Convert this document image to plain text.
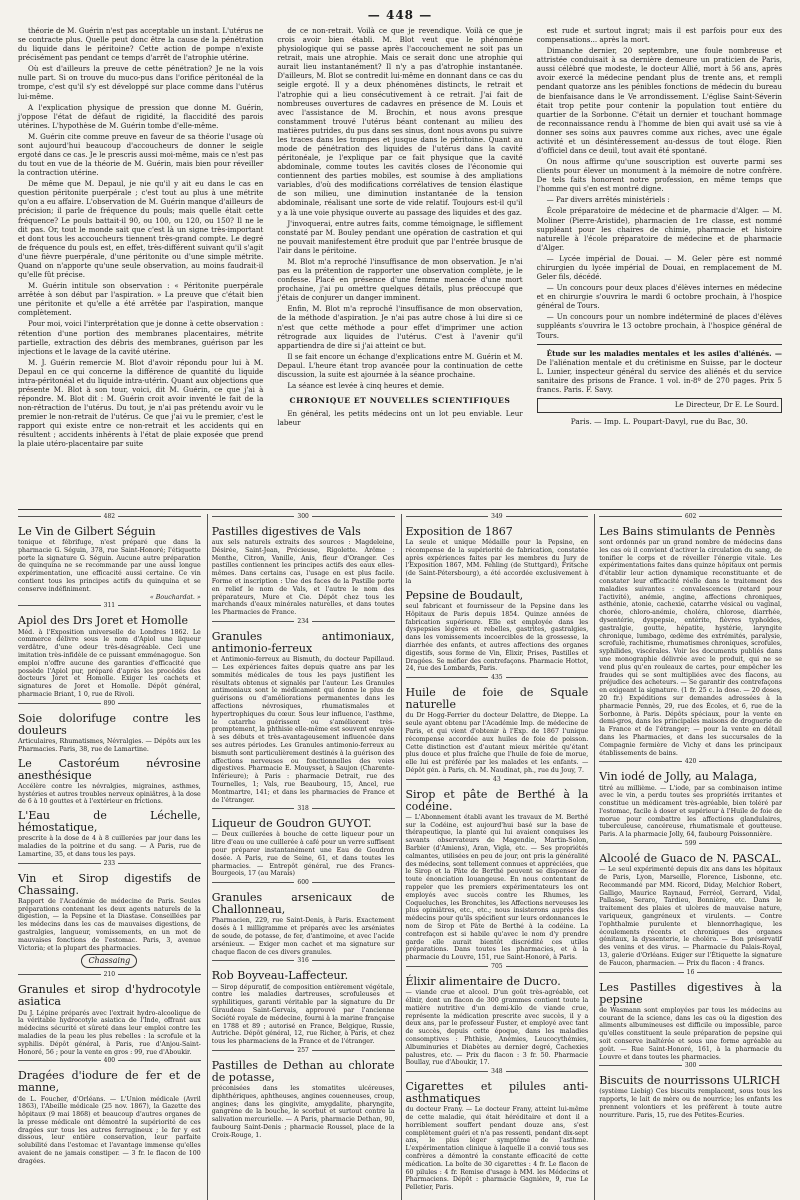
— 448 —

théorie de M. Guérin n'est pas acceptable un instant. L'utérus ne se contracte plus. Quelle peut donc être la cause de la pénétration du liquide dans le péritoine? Cette action de pompe n'existe précisément pas pendant ce temps d'arrêt de l'atrophie utérine.

Où est d'ailleurs la preuve de cette pénétration? Je ne la vois nulle part. Si on trouve du muco-pus dans l'orifice péritonéal de la trompe, c'est qu'il s'y est développé sur place comme dans l'utérus lui-même.

A l'explication physique de pression que donne M. Guérin, j'oppose l'état de défaut de rigidité, la flaccidité des parois utérines. L'hypothèse de M. Guérin tombe d'elle-même.

M. Guérin cite comme preuve en faveur de sa théorie l'usage où sont aujourd'hui beaucoup d'accoucheurs de donner le seigle ergoté dans ce cas. Je le prescris aussi moi-même, mais ce n'est pas du tout en vue de la théorie de M. Guérin, mais bien pour réveiller la contraction utérine.

De même que M. Depaul, je nie qu'il y ait eu dans le cas en question péritonite puerpérale ; c'est tout au plus à une métrite qu'on a eu affaire. L'observation de M. Guérin manque d'ailleurs de précision; il parle de fréquence du pouls; mais quelle était cette fréquence? Le pouls battait-il 90, ou 100, ou 120, ou 150? Il ne le dit pas. Or, tout le monde sait que c'est là un signe très-important et dont tous les accoucheurs tiennent très-grand compte. Le degré de fréquence du pouls est, en effet, très-différent suivant qu'il s'agit d'une fièvre puerpérale, d'une péritonite ou d'une simple métrite. Quand on n'apporte qu'une seule observation, au moins faudrait-il qu'elle fût précise.

M. Guérin intitule son observation : « Péritonite puerpérale arrêtée à son début par l'aspiration. » La preuve que c'était bien une péritonite et qu'elle a été arrêtée par l'aspiration, manque complètement.

Pour moi, voici l'interprétation que je donne à cette observation : rétention d'une portion des membranes placentaires, métrite partielle, extraction des débris des membranes, guérison par les injections et le lavage de la cavité utérine.

M. J. Guérin remercie M. Blot d'avoir répondu pour lui à M. Depaul en ce qui concerne la différence de quantité du liquide intra-péritonéal et du liquide intra-utérin. Quant aux objections que présente M. Blot à son tour, voici, dit M. Guérin, ce que j'ai à répondre. M. Blot dit : M. Guérin croit avoir inventé le fait de la non-rétraction de l'utérus. Du tout, je n'ai pas prétendu avoir vu le premier le non-retrait de l'utérus. Ce que j'ai vu le premier, c'est le rapport qui existe entre ce non-retrait et les accidents qui en résultent ; accidents inhérents à l'état de plaie exposée que prend la plaie utéro-placentaire par suite

de ce non-retrait. Voilà ce que je revendique. Voilà ce que je crois avoir bien établi. M. Blot veut que le phénomène physiologique qui se passe après l'accouchement ne soit pas un retrait, mais une atrophie. Mais ce serait donc une atrophie qui aurait lieu instantanément? Il n'y a pas d'atrophie instantanée. D'ailleurs, M. Blot se contredit lui-même en donnant dans ce cas du seigle ergoté. Il y a deux phénomènes distincts, le retrait et l'atrophie qui a lieu consécutivement à ce retrait. J'ai fait de nombreuses ouvertures de cadavres en présence de M. Louis et avec l'assistance de M. Brochin, et nous avons presque constamment trouvé l'utérus béant contenant au milieu des matières putrides, du pus dans ses sinus, dont nous avons pu suivre les traces dans les trompes et jusque dans le péritoine. Quant au mode de pénétration des liquides de l'utérus dans la cavité péritonéale, je l'explique par ce fait physique que la cavité abdominale, comme toutes les cavités closes de l'économie qui contiennent des parties mobiles, est soumise à des ampliations variables, d'où des modifications corrélatives de tension élastique de son milieu, une diminution instantanée de la tension abdominale, réalisant une sorte de vide relatif. Toujours est-il qu'il y a là une voie physique ouverte au passage des liquides et des gaz.

J'invoquerai, entre autres faits, comme témoignage, le sifflement constaté par M. Bouley pendant une opération de castration et qui ne pouvait manifestement être produit que par l'entrée brusque de l'air dans le péritoine.

M. Blot m'a reproché l'insuffisance de mon observation. Je n'ai pas eu la prétention de rapporter une observation complète, je le confesse. Placé en présence d'une femme menacée d'une mort prochaine, j'ai pu omettre quelques détails, plus préoccupé que j'étais de conjurer un danger imminent.

Enfin, M. Blot m'a reproché l'insuffisance de mon observation, de la méthode d'aspiration. Je n'ai pas autre chose à lui dire si ce n'est que cette méthode a pour effet d'imprimer une action rétrograde aux liquides de l'utérus. C'est à l'avenir qu'il appartiendra de dire si j'ai atteint ce but.

Il se fait encore un échange d'explications entre M. Guérin et M. Depaul. L'heure étant trop avancée pour la continuation de cette discussion, la suite est ajournée à la séance prochaine.

La séance est levée à cinq heures et demie.

CHRONIQUE ET NOUVELLES SCIENTIFIQUES

En général, les petits médecins ont un lot peu enviable. Leur labeur

est rude et surtout ingrat; mais il est parfois pour eux des compensations... après la mort.

Dimanche dernier, 20 septembre, une foule nombreuse et attristée conduisait à sa dernière demeure un praticien de Paris, aussi célèbré que modeste, le docteur Allié, mort à 56 ans, après avoir exercé la médecine pendant plus de trente ans, et rempli pendant quatorze ans les pénibles fonctions de médecin du bureau de bienfaisance dans le Ve arrondissement. L'église Saint-Séverin était trop petite pour contenir la population tout entière du quartier de la Sorbonne. C'était un dernier et touchant hommage de reconnaissance rendu à l'homme de bien qui avait usé sa vie à donner ses soins aux pauvres comme aux riches, avec une égale activité et un désintéressement au-dessus de tout éloge. Rien d'officiel dans ce deuil, tout avait été spontané.

On nous affirme qu'une souscription est ouverte parmi ses clients pour élever un monument à la mémoire de notre confrère. De tels faits honorent notre profession, en même temps que l'homme qui s'en est montré digne.

— Par divers arrêtés ministériels :

École préparatoire de médecine et de pharmacie d'Alger. — M. Moliner (Pierre-Aristide), pharmacien de 1re classe, est nommé suppléant pour les chaires de chimie, pharmacie et histoire naturelle à l'école préparatoire de médecine et de pharmacie d'Alger.

— Lycée impérial de Douai. — M. Geler père est nommé chirurgien du lycée impérial de Douai, en remplacement de M. Geler fils, décédé.

— Un concours pour deux places d'élèves internes en médecine et en chirurgie s'ouvrira le mardi 6 octobre prochain, à l'hospice général de Tours.

— Un concours pour un nombre indéterminé de places d'élèves suppléants s'ouvrira le 13 octobre prochain, à l'hospice général de Tours.

Étude sur les maladies mentales et les asiles d'aliénés. — De l'aliénation mentale et du crétinisme en Suisse, par le docteur L. Lunier, inspecteur général du service des aliénés et du service sanitaire des prisons de France. 1 vol. in-8º de 270 pages. Prix 5 francs. Paris. F. Savy.

Le Directeur, Dr E. Le Sourd.
Paris. — Imp. L. Poupart-Davyl, rue du Bac, 30.
482
Le Vin de Gilbert Séguin
tonique et fébrifuge, n'est préparé que dans la pharmacie G. Séguin, 378, rue Saint-Honoré; l'étiquette porte la signature G. Séguin. Aucune autre préparation de quinquina ne se recommande par une aussi longue expérimentation, une efficacité aussi certaine. Ce vin contient tous les principes actifs du quinquina et se conserve indéfiniment.
« Bouchardat. »
311
Apiol des Drs Joret et Homolle
Méd. à l'Exposition universelle de Londres 1862. Le commerce délivre sous le nom d'Apiol une liqueur verdâtre, d'une odeur très-désagréable. Ceci une imitation très-infidèle de ce puissant emménagogue. Son emploi n'offre aucune des garanties d'efficacité que possède l'Apiol pur, préparé d'après les procédés des docteurs Joret et Homolle. Exiger les cachets et signatures de Joret et Homolle. Dépôt général, pharmacie Briant, 1 0, rue de Rivoli.
890
Soie dolorifuge contre les douleurs
Articulaires, Rhumatismes, Névralgies. — Dépôts aux les Pharmacies. Paris, 38, rue de Lamartine.
Le Castoréum névrosine anesthésique
Accélère contre les névralgies, migraines, asthmes, hystéries et autres troubles nerveux opiniâtres, à la dose de 6 à 10 gouttes et à l'extérieur en frictions.
L'Eau de Léchelle, hémostatique,
prescrite à la dose de 4 à 8 cuillerées par jour dans les maladies de la poitrine et du sang. — A Paris, rue de Lamartine, 35, et dans tous les pays.
233
Vin et Sirop digestifs de Chassaing.
Rapport de l'Académie de médecine de Paris. Seules préparations contenant les deux agents naturels de la digestion, — la Pepsine et la Diastase. Conseillées par les médecins dans les cas de mauvaises digestions, de gastralgies, langueur, vomissements, en un mot de mauvaises fonctions de l'estomac. Paris, 3, avenue Victoria; et la plupart des pharmacies.
Chassaing
210
Granules et sirop d'hydrocotyle asiatica
Du J. Lépine préparés avec l'extrait hydro-alcoolique de la véritable hydrocotyle asiatica de l'Inde, offrant aux médecins sécurité et sûreté dans leur emploi contre les maladies de la peau les plus rebelles : la scrofule et la syphilis. Dépôt général, à Paris, rue d'Anjou-Saint-Honoré, 56 ; pour la vente en gros : 99, rue d'Aboukir.
400
Dragées d'iodure de fer et de manne,
de L. Foucher, d'Orléans. — L'Union médicale (Avril 1863), l'Abeille médicale (25 nov. 1867), la Gazette des hôpitaux (9 mai 1868) et beaucoup d'autres organes de la presse médicale ont démontré la supériorité de ces dragées sur tous les autres ferrugineux ; le fer y est dissous, leur entière conservation, leur parfaite solubilité dans l'estomac et l'avantage immense qu'elles avaient de ne jamais constiper. — 3 fr. le flacon de 100 dragées.
300
Pastilles digestives de Vals
aux sels naturels extraits des sources : Magdeleine, Désirée, Saint-Jean, Précieuse, Rigolette. Arôme : Menthe, Citron, Vanille, Anis, fleur d'Oranger. Ces pastilles contiennent les principes actifs des eaux elles-mêmes. Dans certains cas, l'usage en est plus facile. Forme et inscription : Une des faces de la Pastille porte en relief le nom de Vals, et l'autre le nom des préparateurs, Mure et Cie. Dépôt chez tous les marchands d'eaux minérales naturelles, et dans toutes les Pharmacies de France.
234
Granules antimoniaux, antimonio-ferreux
et Antimonio-ferreux au Bismuth, du docteur Papillaud. — Les expériences faites depuis quatre ans par les sommités médicales de tous les pays justifient les résultats obtenus et signalés par l'auteur. Les Granules antimoniaux sont le médicament qui donne le plus de guérisons ou d'améliorations permanentes dans les affections névrosiques, rhumatismales et hypertrophiques du cœur. Sous leur influence, l'asthme, le catarrhe guérissent ou s'améliorent très-promptement, la phthisie elle-même est souvent enrayée à ses débuts et très-avantageusement influencée dans ses autres périodes. Les Granules antimonio-ferreux au bismuth sont particulièrement destinés à la guérison des affections nerveuses ou fonctionnelles des voies digestives. Pharmacie E. Mouysset, à Saujon (Charente-Inférieure); à Paris : pharmacie Detrait, rue des Tournelles, 1; Vals, rue Beaubourg, 15, Ancel, rue Montmartre, 141; et dans les pharmacies de France et de l'étranger.
318
Liqueur de Goudron GUYOT.
— Deux cuillerées à bouche de cette liqueur pour un litre d'eau ou une cuillerée à café pour un verre suffisent pour préparer instantanément une Eau de Goudron dosée. A Paris, rue de Seine, 61, et dans toutes les pharmacies. — Entrepôt général, rue des Francs-Bourgeois, 17 (au Marais)
600
Granules arsenicaux de Challonneau,
Pharmacien, 229, rue Saint-Denis, à Paris. Exactement dosés à 1 milligramme et préparés avec les arséniates de soude, de potasse, de fer, d'antimoine, et avec l'acide arsénieux. — Exiger mon cachet et ma signature sur chaque flacon de ces divers granules.
316
Rob Boyveau-Laffecteur.
— Sirop dépuratif, de composition entièrement végétale, contre les maladies dartreuses, scrofuleuses et syphilitiques, garanti véritable par la signature du Dr Giraudeau Saint-Gervais, approuvé par l'ancienne Société royale de médecine, fourni à la marine française en 1788 et 89 ; autorisé en France, Belgique, Russie, Autriche. Dépôt général, 12, rue Richer, à Paris, et chez tous les pharmaciens de la France et de l'étranger.
257
Pastilles de Dethan au chlorate de potasse,
préconisées dans les stomatites ulcéreuses, diphthériques, aphtheuses, angines couenneuses, croup, angines; dans les gingivite, amygdalite, pharyngite, gangrène de la bouche, le scorbut et surtout contre la salivation mercurielle. — A Paris, pharmacie Dethan, 90, faubourg Saint-Denis ; pharmacie Roussel, place de la Croix-Rouge, 1.
349
Exposition de 1867
La seule et unique Médaille pour la Pepsine, en récompense de la supériorité de fabrication, constatée après expériences faites par les membres du Jury de l'Exposition 1867, MM. Fehling (de Stuttgard), Fritsche (de Saint-Pétersbourg), a été accordée exclusivement à la
Pepsine de Boudault,
seul fabricant et fournisseur de la Pepsine dans les Hôpitaux de Paris depuis 1854. Quinze années de fabrication supérieure. Elle est employée dans les dyspepsies légères et rebelles, gastrites, gastralgies, dans les vomissements incoercibles de la grossesse, la diarrhée des enfants, et autres affections des organes digestifs, sous forme de Vin, Élixir, Prises, Pastilles et Dragées. Se méfier des contrefaçons. Pharmacie Hottot, 24, rue des Lombards, Paris.
435
Huile de foie de Squale naturelle
du Dr Hogg-Ferrier du docteur Delattre, de Dieppe. La seule ayant obtenu par l'Académie Imp. de médecine de Paris, et qui vient d'obtenir à l'Exp. de 1867 l'unique récompense accordée aux huiles de foie de poisson. Cette distinction est d'autant mieux méritée qu'étant plus douce et plus fraîche que l'huile de foie de morue, elle lui est préférée par les malades et les enfants. — Dépôt gén. à Paris, ch. M. Naudinat, ph., rue du Jouy, 7.
43
Sirop et pâte de Berthé à la codéine.
— L'Abonnement établi avant les travaux de M. Berthé sur la Codéine, est aujourd'hui basé sur la base de thérapeutique, la plante qui lui avaient conquises les savants observateurs de Magendie, Martin-Solon, Barbier (d'Amiens), Aran, Vigla, etc. — Ses propriétés calmantes, utilisées en peu de jour, ont pris la généralité des médecins, sont tellement connues et appréciées, que le Sirop et la Pâte de Berthé peuvent se dispenser de toute énonciation louangeuse. En nous contentant de rappeler que les premiers expérimentateurs les ont employés avec succès contre les Rhumes, les Coqueluches, les Bronchites, les Affections nerveuses les plus opiniâtres, etc., etc.; nous insisterons auprès des médecins pour qu'ils spécifient sur leurs ordonnances le nom de Sirop et Pâte de Berthé à la codéine. La contrefaçon est si habile qu'avec le nom d'y prendre garde elle aurait bientôt discrédité ces utiles préparations. Dans toutes les pharmacies, et à la pharmacie du Louvre, 151, rue Saint-Honoré, à Paris.
705
Élixir alimentaire de Ducro.
— viande crue et alcool. D'un goût très-agréable, cet élixir, dont un flacon de 300 grammes contient toute la matière nutritive d'un demi-kilo de viande crue, représente la médication prescrite avec succès, il y a deux ans, par le professeur Fuster, et employé avec tant de succès, depuis cette époque, dans les maladies consomptives : Phthisie, Anémies, Leucocythémies, Albuminuries et Diabètes au dernier degré, Cachexies palustres, etc. — Prix du flacon : 3 fr. 50. Pharmacie Boullay, rue d'Aboukir, 17.
348
Cigarettes et pilules anti-asthmatiques
du docteur Frany. — Le docteur Frany, atteint lui-même de cette maladie, qui était héréditaire et dont il a horriblement souffert pendant douze ans, s'est complètement guéri et n'a pas ressenti, pendant dix-sept ans, le plus léger symptôme de l'asthme. L'expérimentation clinique à laquelle il a convié tous ses confrères a démontré la constante efficacité de cette médication. La boîte de 30 cigarettes : 4 fr. Le flacon de 60 pilules : 4 fr. Remise d'usage à MM. les Médecins et Pharmaciens. Dépôt : pharmacie Gagnière, 9, rue Le Pelletier, Paris.
602
Les Bains stimulants de Pennès
sont ordonnés par un grand nombre de médecins dans les cas où il convient d'activer la circulation du sang, de tonifier le corps et de réveiller l'énergie vitale. Les expérimentations faites dans quinze hôpitaux ont permis d'établir leur action dynamique reconstituante et de constater leur efficacité réelle dans le traitement des maladies suivantes : convalescences (retard pour l'activité), anémie, angine, affections chroniques, asthénie, atonie, cachexie, catarrhe vésical ou vaginal, chorée, chloro-anémie, choléra, chlorose, diarrhée, dysentérie, dyspepsie, entérite, fièvres typhoïdes, gastralgie, goutte, hépatite, hystérie, laryngite chronique, lumbago, œdème des extrémités, paralysie, scrofule, rachitisme, rhumatismes chroniques, scrofules, syphilides, viscérales. Voir les documents publiés dans une monographie délivrée avec le produit, qui ne se vend plus qu'en rouleaux de cartes, pour empêcher les fraudes qui se sont multipliées avec des flacons, au préjudice des acheteurs. — Se garantir des contrefaçons en exigeant la signature. (1 fr. 25 c. la dose. — 20 doses, 20 fr.) Expéditions sur demandes adressées à la pharmacie Pennès, 29, rue des Écoles, et 6, rue de la Sorbonne, à Paris. Dépôts spéciaux, pour la vente en demi-gros, dans les principales maisons de droguerie de la France et de l'étranger; — pour la vente en détail dans les Pharmacies, et dans les succursales de la Compagnie fermière de Vichy et dans les principaux établissements de bains.
420
Vin iodé de Jolly, au Malaga,
titré au millième. — L'iode, par sa combinaison intime avec le vin, a perdu toutes ses propriétés irritantes et constitue un médicament très-agréable, bien toléré par l'estomac, facile à doser et supérieur à l'Huile de foie de morue pour combattre les affections glandulaires, tuberculeuse, cancéreuse, rhumatismale et goutteuse. Paris. A la pharmacie Jolly, 64, faubourg Poissonnière.
599
Alcoolé de Guaco de N. PASCAL.
— Le seul expérimenté depuis dix ans dans les hôpitaux de Paris, Lyon, Marseille, Florence, Lisbonne, etc. Recommandé par MM. Ricord, Diday, Melchior Robert, Galligo, Maurice Raynaud, Ferréol, Gerrard, Vidal, Pallasse, Seraro, Tardieu, Bonnière, etc. Dans le traitement des plaies et ulcères de mauvaise nature, variqueux, gangréneux et virulents. — Contre l'ophthalmie purulente et blennorrhagique, les écoulements récents et chroniques des organes génitaux, la dyssenterie, le choléra. — Bon préservatif des venins et des virus. — Pharmacie du Palais-Royal, 13, galerie d'Orléans. Exiger sur l'Étiquette la signature de Faucon, pharmacien. — Prix du flacon : 4 francs.
16
Les Pastilles digestives à la pepsine
de Wasmann sont employées par tous les médecins au courant de la science, dans les cas où la digestion des aliments albumineuses est difficile ou impossible, parce qu'elles constituent la seule préparation de pepsine qui soit conserve inaltérée et sous une forme agréable au goût. — Rue Saint-Honoré, 161, à la pharmacie du Louvre et dans toutes les pharmacies.
300
Biscuits de nourrissons ULRICH
(système Liebig) Ces biscuits remplacent, sous tous les rapports, le lait de mère ou de nourrice; les enfants les prennent volontiers et les préfèrent à toute autre nourriture. Paris, 15, rue des Petites-Écuries.
